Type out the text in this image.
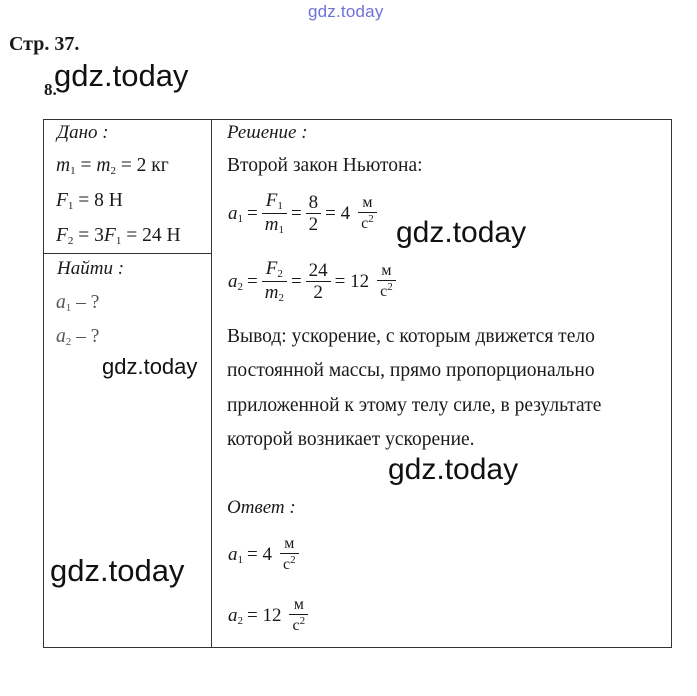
gdz.today
Стр. 37.
8.
gdz.today
Дано :
$m_1 = m_2 = 2$ кг
$F_1 = 8$ Н
$F_2 = 3F_1 = 24$ Н
Найти :
$a_1$ – ?
$a_2$ – ?
gdz.today
Решение :
Второй закон Ньютона:
$a_1 = \frac{F_1}{m_1} = \frac{8}{2} = 4 \frac{м}{с^2}$ gdz.today
$a_2 = \frac{F_2}{m_2} = \frac{24}{2} = 12 \frac{м}{с^2}$
Вывод: ускорение, с которым движется тело
постоянной массы, прямо пропорционально
приложенной к этому телу силе, в результате
которой возникает ускорение.
gdz.today
Ответ :
$a_1 = 4 \frac{м}{с^2}$
$a_2 = 12 \frac{м}{с^2}$
gdz.today
